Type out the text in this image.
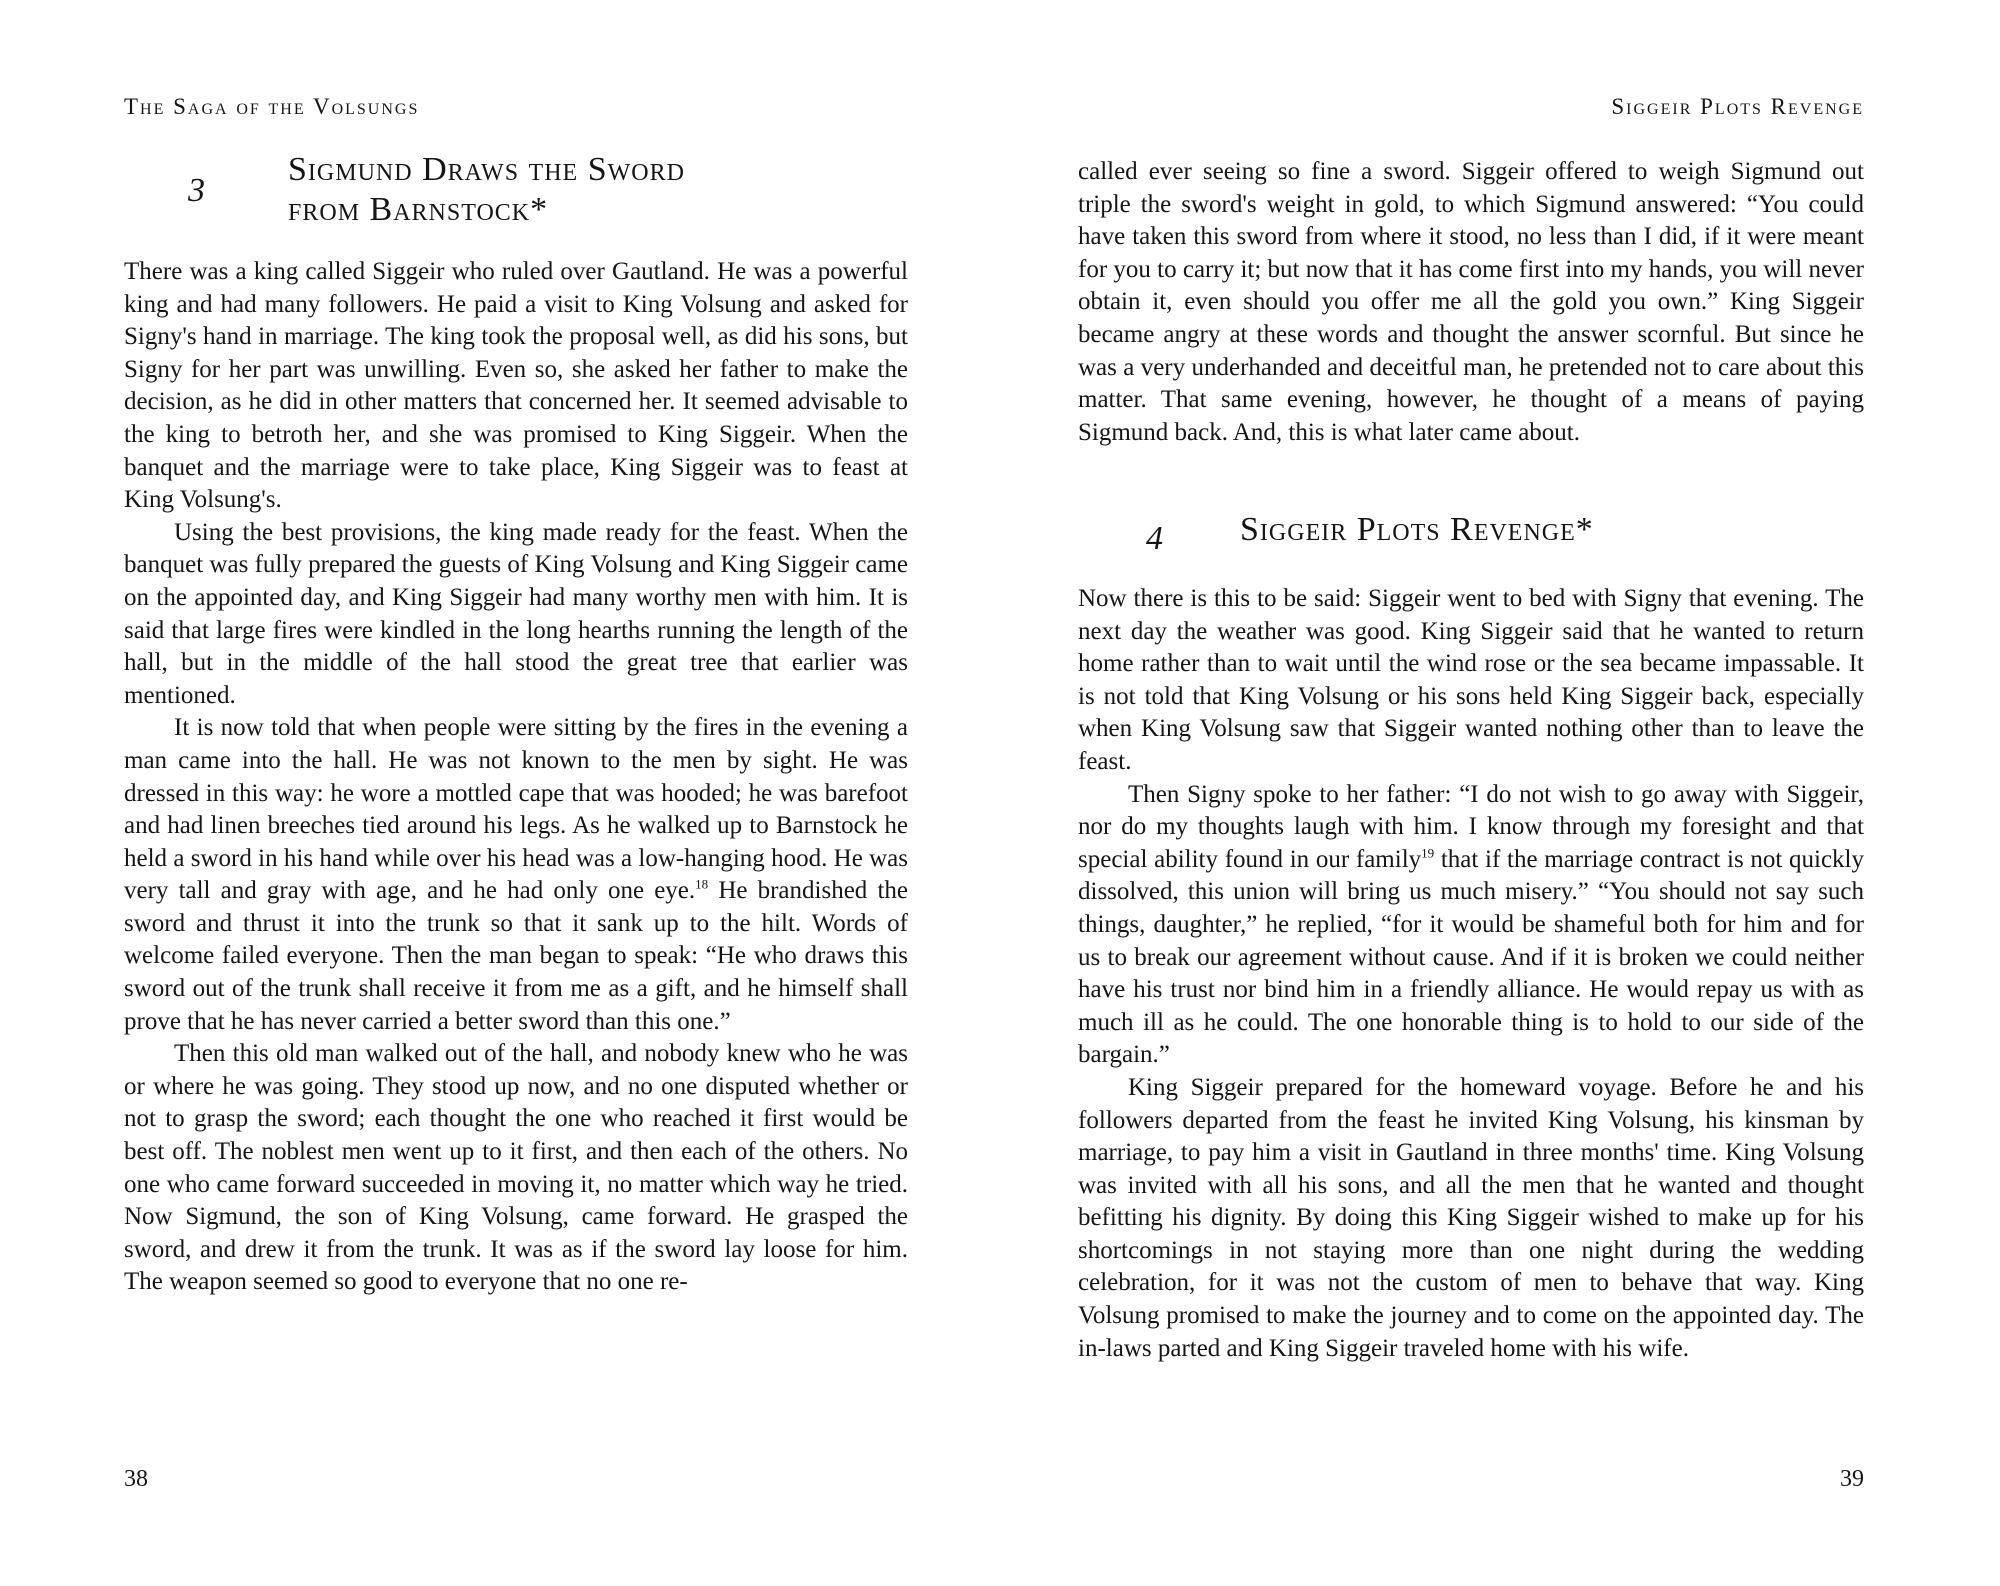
The Saga of the Volsungs
3
Sigmund Draws the Sword
from Barnstock*

There was a king called Siggeir who ruled over Gautland. He was a powerful king and had many followers. He paid a visit to King Volsung and asked for Signy's hand in marriage. The king took the proposal well, as did his sons, but Signy for her part was unwilling. Even so, she asked her father to make the decision, as he did in other matters that concerned her. It seemed advisable to the king to betroth her, and she was promised to King Siggeir. When the banquet and the marriage were to take place, King Siggeir was to feast at King Volsung's.

Using the best provisions, the king made ready for the feast. When the banquet was fully prepared the guests of King Volsung and King Siggeir came on the appointed day, and King Siggeir had many worthy men with him. It is said that large fires were kindled in the long hearths running the length of the hall, but in the middle of the hall stood the great tree that earlier was mentioned.

It is now told that when people were sitting by the fires in the evening a man came into the hall. He was not known to the men by sight. He was dressed in this way: he wore a mottled cape that was hooded; he was barefoot and had linen breeches tied around his legs. As he walked up to Barnstock he held a sword in his hand while over his head was a low-hanging hood. He was very tall and gray with age, and he had only one eye.$^{18}$ He brandished the sword and thrust it into the trunk so that it sank up to the hilt. Words of welcome failed everyone. Then the man began to speak: “He who draws this sword out of the trunk shall receive it from me as a gift, and he himself shall prove that he has never carried a better sword than this one.”

Then this old man walked out of the hall, and nobody knew who he was or where he was going. They stood up now, and no one disputed whether or not to grasp the sword; each thought the one who reached it first would be best off. The noblest men went up to it first, and then each of the others. No one who came forward succeeded in moving it, no matter which way he tried. Now Sigmund, the son of King Volsung, came forward. He grasped the sword, and drew it from the trunk. It was as if the sword lay loose for him. The weapon seemed so good to everyone that no one re-

38
Siggeir Plots Revenge

called ever seeing so fine a sword. Siggeir offered to weigh Sigmund out triple the sword's weight in gold, to which Sigmund answered: “You could have taken this sword from where it stood, no less than I did, if it were meant for you to carry it; but now that it has come first into my hands, you will never obtain it, even should you offer me all the gold you own.” King Siggeir became angry at these words and thought the answer scornful. But since he was a very underhanded and deceitful man, he pretended not to care about this matter. That same evening, however, he thought of a means of paying Sigmund back. And, this is what later came about.

4 Siggeir Plots Revenge*

Now there is this to be said: Siggeir went to bed with Signy that evening. The next day the weather was good. King Siggeir said that he wanted to return home rather than to wait until the wind rose or the sea became impassable. It is not told that King Volsung or his sons held King Siggeir back, especially when King Volsung saw that Siggeir wanted nothing other than to leave the feast.

Then Signy spoke to her father: “I do not wish to go away with Siggeir, nor do my thoughts laugh with him. I know through my foresight and that special ability found in our family$^{19}$ that if the marriage contract is not quickly dissolved, this union will bring us much misery.” “You should not say such things, daughter,” he replied, “for it would be shameful both for him and for us to break our agreement without cause. And if it is broken we could neither have his trust nor bind him in a friendly alliance. He would repay us with as much ill as he could. The one honorable thing is to hold to our side of the bargain.”

King Siggeir prepared for the homeward voyage. Before he and his followers departed from the feast he invited King Volsung, his kinsman by marriage, to pay him a visit in Gautland in three months' time. King Volsung was invited with all his sons, and all the men that he wanted and thought befitting his dignity. By doing this King Siggeir wished to make up for his shortcomings in not staying more than one night during the wedding celebration, for it was not the custom of men to behave that way. King Volsung promised to make the journey and to come on the appointed day. The in-laws parted and King Siggeir traveled home with his wife.

39
